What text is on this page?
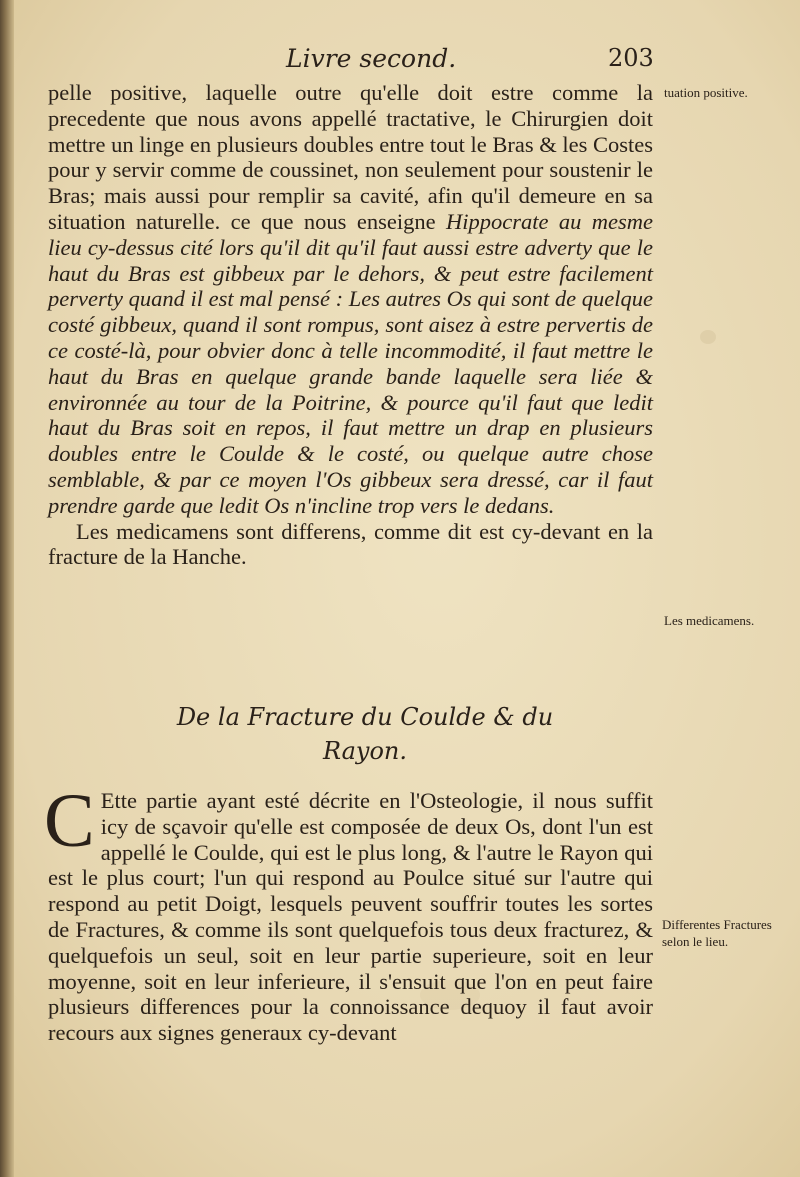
Livre second.	203

pelle positive, laquelle outre qu'elle doit estre comme la precedente que nous avons appellé tractative, le Chirurgien doit mettre un linge en plusieurs doubles entre tout le Bras & les Costes pour y servir comme de coussinet, non seulement pour soustenir le Bras; mais aussi pour remplir sa cavité, afin qu'il demeure en sa situation naturelle. ce que nous enseigne Hippocrate au mesme lieu cy-dessus cité lors qu'il dit qu'il faut aussi estre adverty que le haut du Bras est gibbeux par le dehors, & peut estre facilement perverty quand il est mal pensé : Les autres Os qui sont de quelque costé gibbeux, quand il sont rompus, sont aisez à estre pervertis de ce costé-là, pour obvier donc à telle incommodité, il faut mettre le haut du Bras en quelque grande bande laquelle sera liée & environnée au tour de la Poitrine, & pource qu'il faut que ledit haut du Bras soit en repos, il faut mettre un drap en plusieurs doubles entre le Coulde & le costé, ou quelque autre chose semblable, & par ce moyen l'Os gibbeux sera dressé, car il faut prendre garde que ledit Os n'incline trop vers le dedans.

Les medicamens sont differens, comme dit est cy-devant en la fracture de la Hanche.

tuation positive.
Les medicamens.
De la Fracture du Coulde & du
Rayon.

C Ette partie ayant esté décrite en l'Osteologie, il nous suffit icy de sçavoir qu'elle est composée de deux Os, dont l'un est appellé le Coulde, qui est le plus long, & l'autre le Rayon qui est le plus court; l'un qui respond au Poulce situé sur l'autre qui respond au petit Doigt, lesquels peuvent souffrir toutes les sortes de Fractures, & comme ils sont quelquefois tous deux fracturez, & quelquefois un seul, soit en leur partie superieure, soit en leur moyenne, soit en leur inferieure, il s'ensuit que l'on en peut faire plusieurs differences pour la connoissance dequoy il faut avoir recours aux signes generaux cy-devant

Differentes Fractures selon le lieu.
